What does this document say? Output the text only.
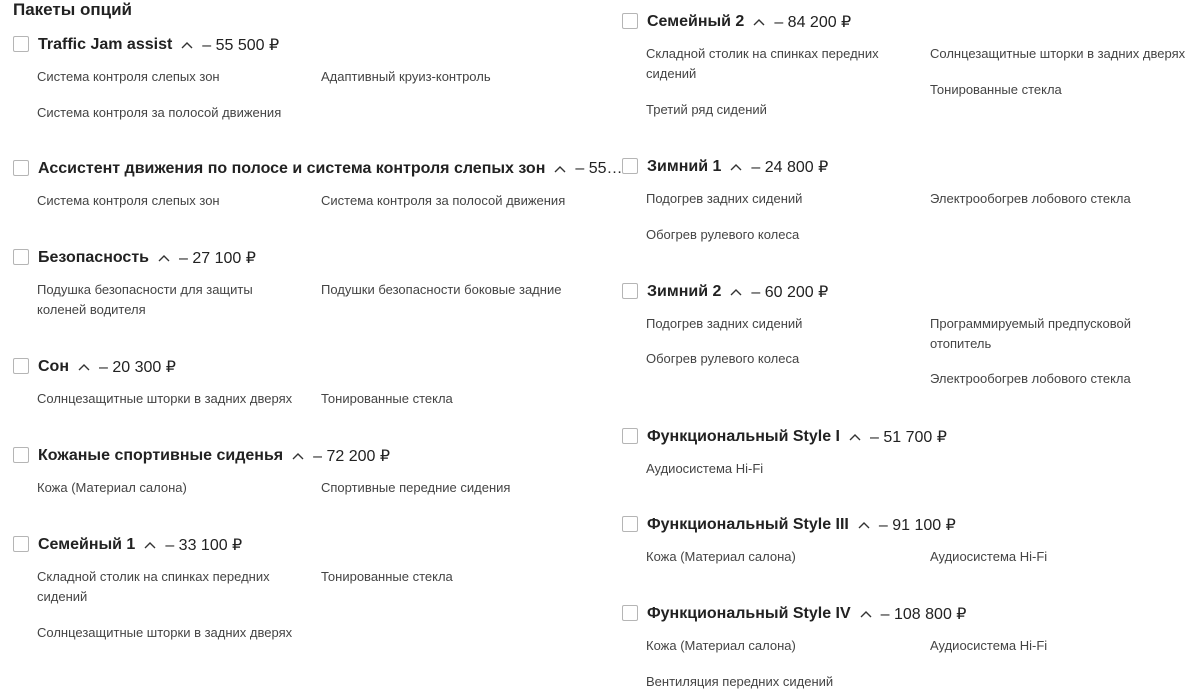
Пакеты опций
Traffic Jam assist – 55 500 ₽
Система контроля слепых зон
Система контроля за полосой движения
Адаптивный круиз-контроль
Ассистент движения по полосе и система контроля слепых зон – 55…
Система контроля слепых зон	Система контроля за полосой движения
Безопасность – 27 100 ₽
Подушка безопасности для защиты коленей водителя
Подушки безопасности боковые задние
Сон – 20 300 ₽
Солнцезащитные шторки в задних дверях	Тонированные стекла
Кожаные спортивные сиденья – 72 200 ₽
Кожа (Материал салона)	Спортивные передние сидения
Семейный 1 – 33 100 ₽
Складной столик на спинках передних сидений
Солнцезащитные шторки в задних дверях
Тонированные стекла
Семейный 2 – 84 200 ₽
Складной столик на спинках передних сидений
Третий ряд сидений
Солнцезащитные шторки в задних дверях
Тонированные стекла
Зимний 1 – 24 800 ₽
Подогрев задних сидений
Обогрев рулевого колеса
Электрообогрев лобового стекла
Зимний 2 – 60 200 ₽
Подогрев задних сидений
Обогрев рулевого колеса
Программируемый предпусковой отопитель
Электрообогрев лобового стекла
Функциональный Style I – 51 700 ₽
Аудиосистема Hi-Fi
Функциональный Style III – 91 100 ₽
Кожа (Материал салона)	Аудиосистема Hi-Fi
Функциональный Style IV – 108 800 ₽
Кожа (Материал салона)
Вентиляция передних сидений
Аудиосистема Hi-Fi
